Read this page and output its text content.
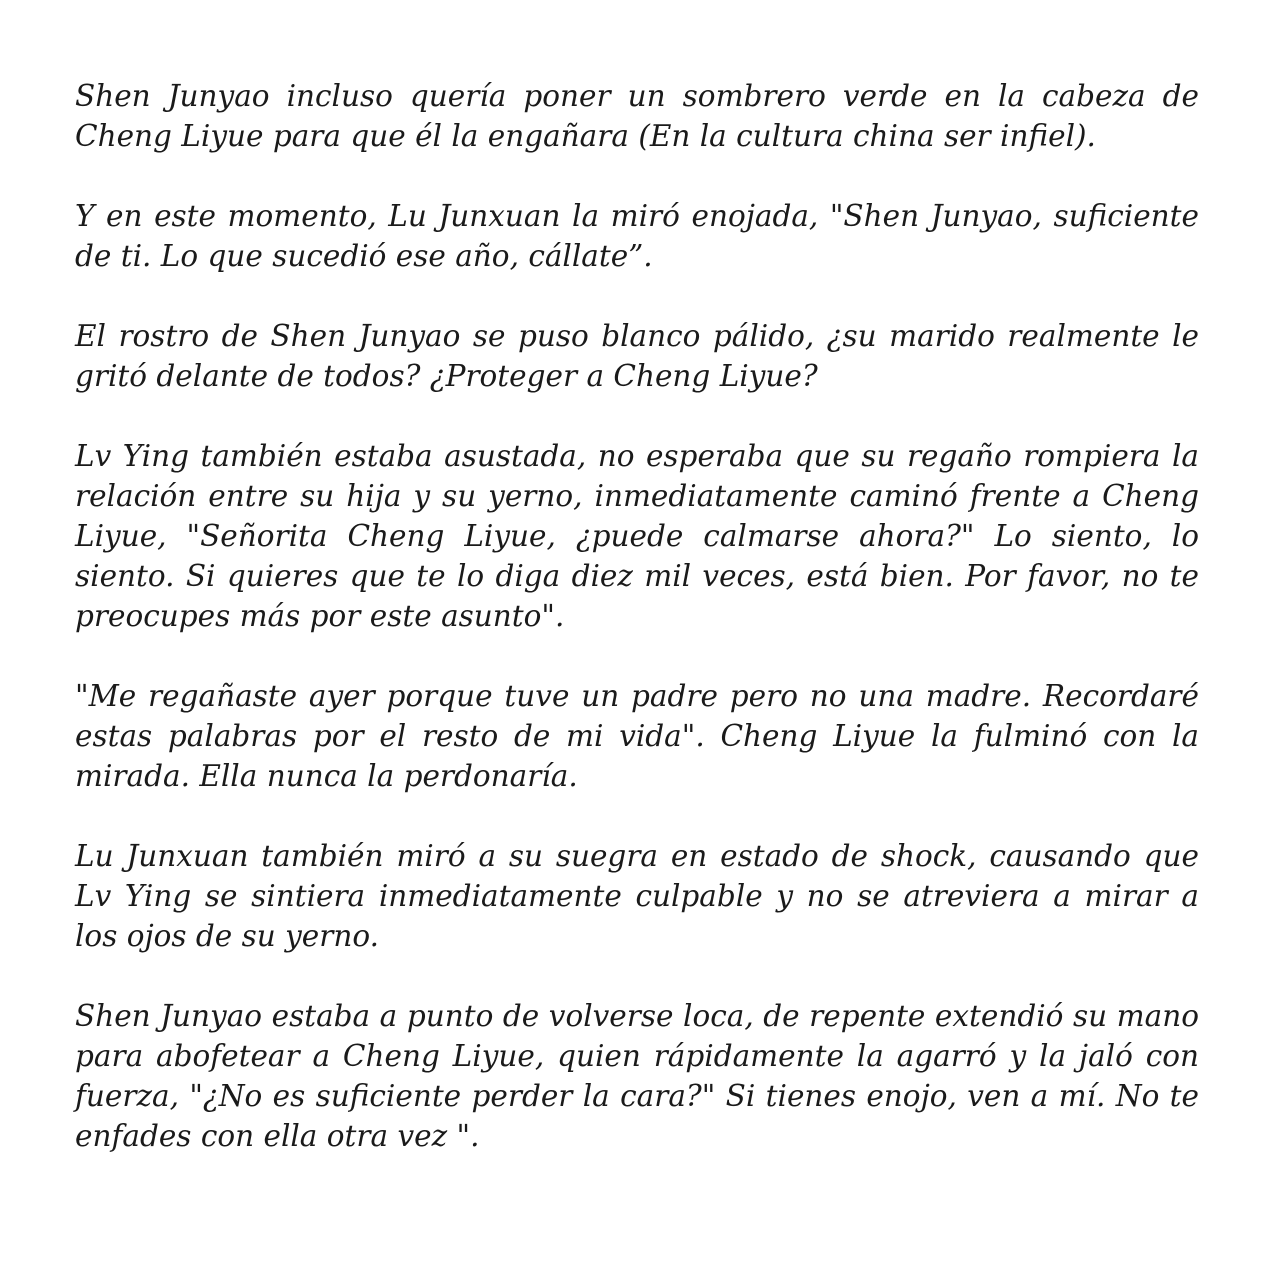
Shen Junyao incluso quería poner un sombrero verde en la cabeza de Cheng Liyue para que él la engañara (En la cultura china ser infiel).

Y en este momento, Lu Junxuan la miró enojada, "Shen Junyao, suficiente de ti. Lo que sucedió ese año, cállate”.

El rostro de Shen Junyao se puso blanco pálido, ¿su marido realmente le gritó delante de todos? ¿Proteger a Cheng Liyue?

Lv Ying también estaba asustada, no esperaba que su regaño rompiera la relación entre su hija y su yerno, inmediatamente caminó frente a Cheng Liyue, "Señorita Cheng Liyue, ¿puede calmarse ahora?" Lo siento, lo siento. Si quieres que te lo diga diez mil veces, está bien. Por favor, no te preocupes más por este asunto".

"Me regañaste ayer porque tuve un padre pero no una madre. Recordaré estas palabras por el resto de mi vida". Cheng Liyue la fulminó con la mirada. Ella nunca la perdonaría.

Lu Junxuan también miró a su suegra en estado de shock, causando que Lv Ying se sintiera inmediatamente culpable y no se atreviera a mirar a los ojos de su yerno.

Shen Junyao estaba a punto de volverse loca, de repente extendió su mano para abofetear a Cheng Liyue, quien rápidamente la agarró y la jaló con fuerza, "¿No es suficiente perder la cara?" Si tienes enojo, ven a mí. No te enfades con ella otra vez ".
